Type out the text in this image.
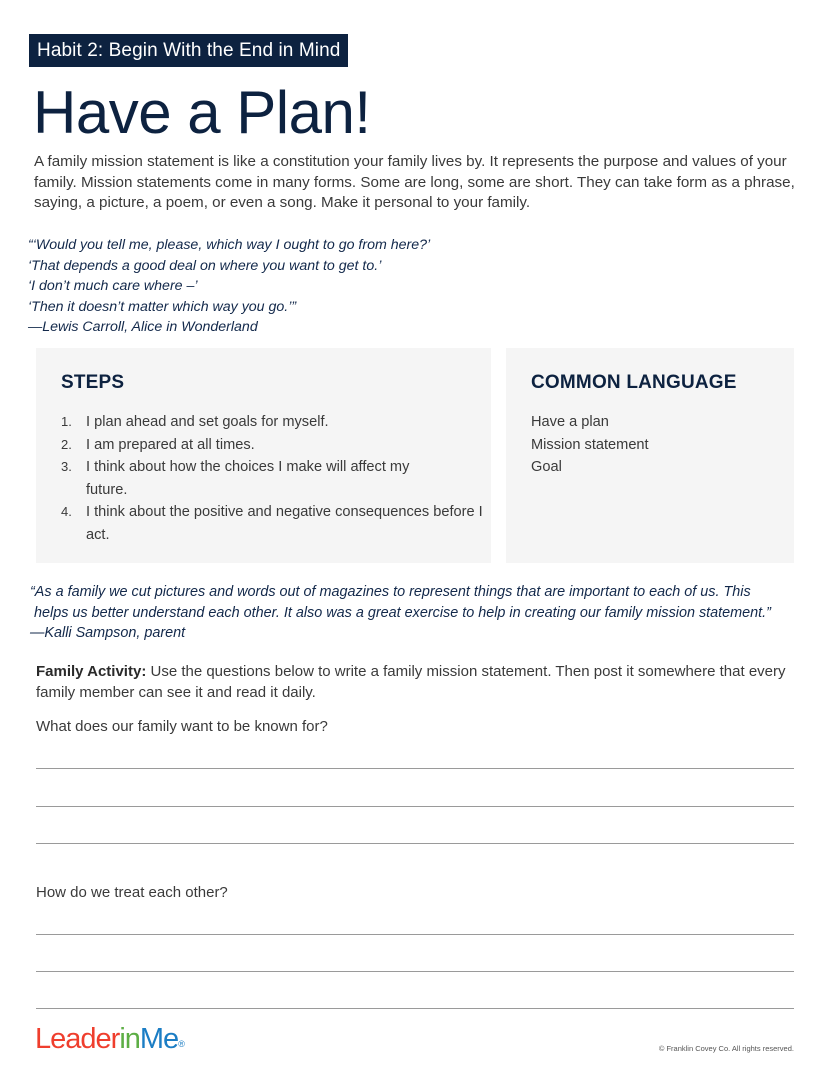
Habit 2: Begin With the End in Mind
Have a Plan!

A family mission statement is like a constitution your family lives by. It represents the purpose and values of your family. Mission statements come in many forms. Some are long, some are short. They can take form as a phrase, saying, a picture, a poem, or even a song. Make it personal to your family.

“‘Would you tell me, please, which way I ought to go from here?’
‘That depends a good deal on where you want to get to.’
‘I don’t much care where –’
‘Then it doesn’t matter which way you go.’”
—Lewis Carroll, Alice in Wonderland
STEPS
1. I plan ahead and set goals for myself.
2. I am prepared at all times.
3. I think about how the choices I make will affect my future.
4. I think about the positive and negative consequences before I act.
COMMON LANGUAGE
Have a plan
Mission statement
Goal
“As a family we cut pictures and words out of magazines to represent things that are important to each of us. This
helps us better understand each other. It also was a great exercise to help in creating our family mission statement.”
—Kalli Sampson, parent

Family Activity: Use the questions below to write a family mission statement. Then post it somewhere that every family member can see it and read it daily.

What does our family want to be known for?
How do we treat each other?
LeaderinMe®	© Franklin Covey Co. All rights reserved.
